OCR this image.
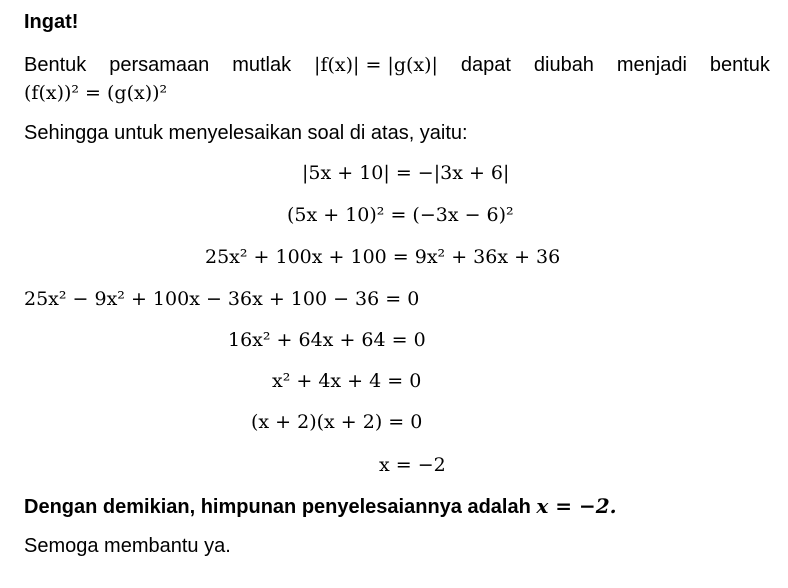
Ingat!
Bentuk persamaan mutlak |f(x)| = |g(x)| dapat diubah menjadi bentuk
(f(x))² = (g(x))²
Sehingga untuk menyelesaikan soal di atas, yaitu:
|5x + 10| = −|3x + 6|
(5x + 10)² = (−3x − 6)²
25x² + 100x + 100 = 9x² + 36x + 36
25x² − 9x² + 100x − 36x + 100 − 36 = 0
16x² + 64x + 64 = 0
x² + 4x + 4 = 0
(x + 2)(x + 2) = 0
x = −2
Dengan demikian, himpunan penyelesaiannya adalah x = −2.
Semoga membantu ya.
